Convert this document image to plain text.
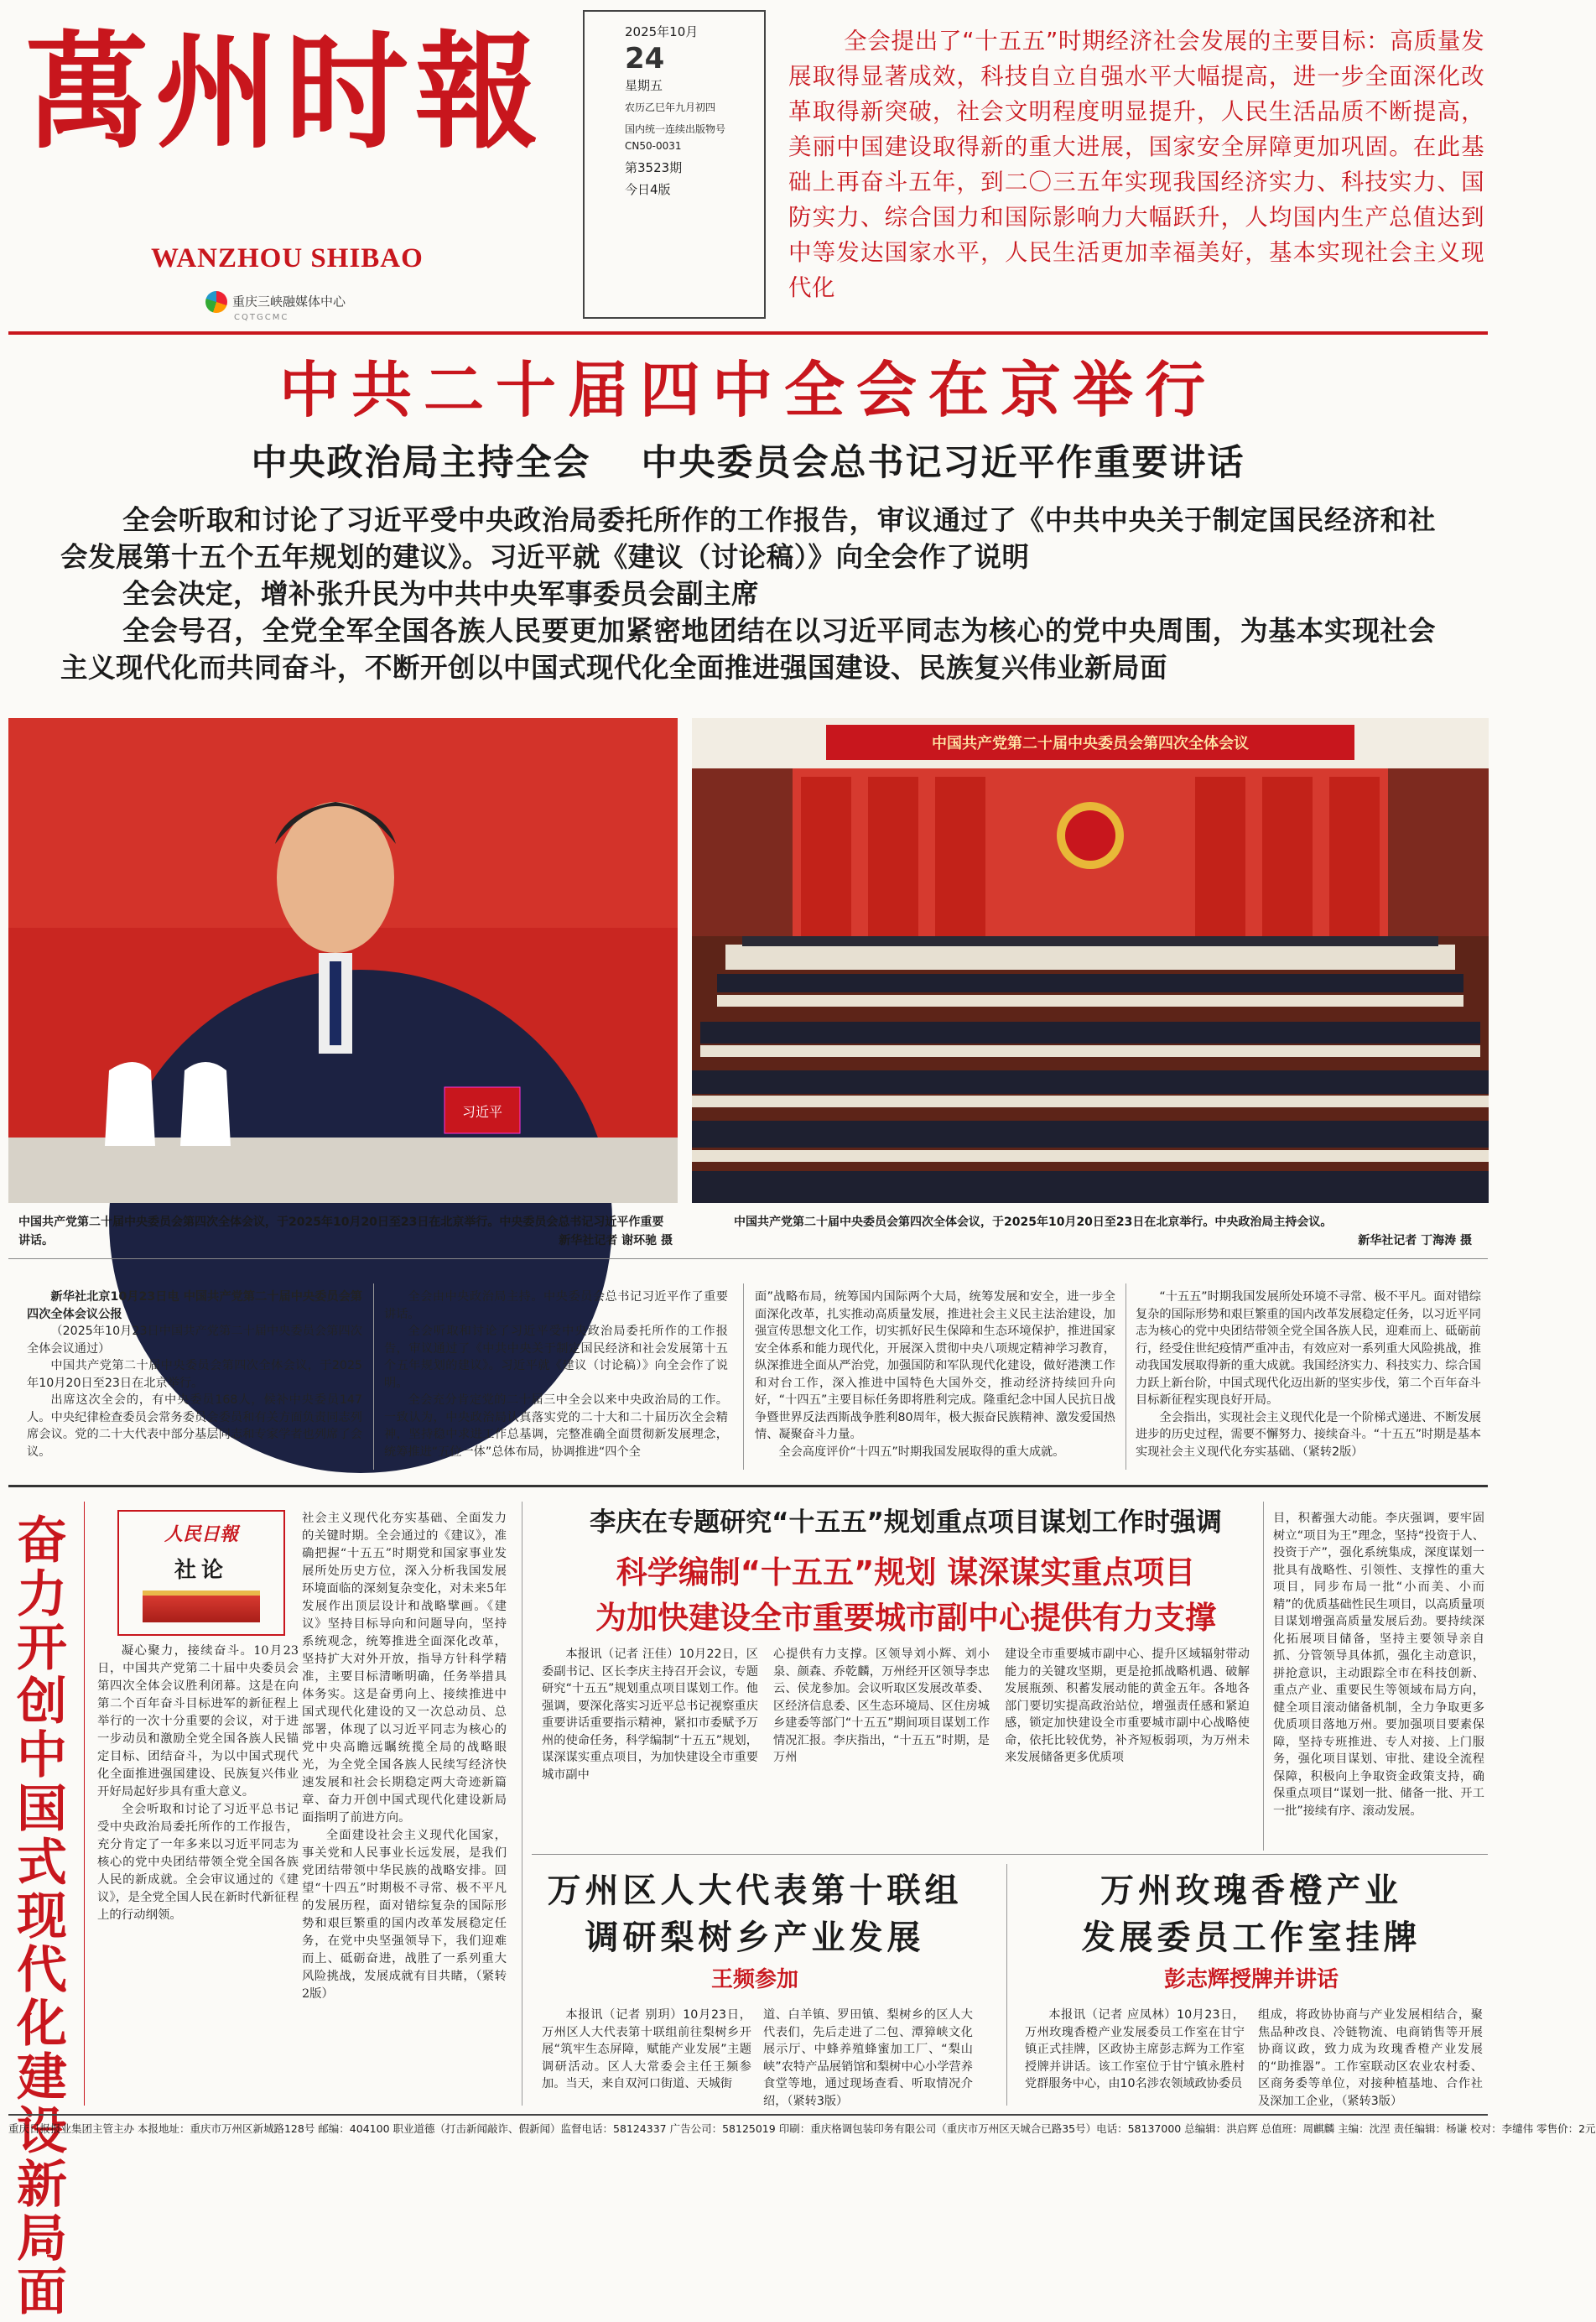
萬州时報
WANZHOU SHIBAO
重庆三峡融媒体中心
CQTGCMC
2025年10月
24
星期五
农历乙巳年九月初四
国内统一连续出版物号
CN50-0031
第3523期
今日4版
全会提出了“十五五”时期经济社会发展的主要目标：高质量发展取得显著成效，科技自立自强水平大幅提高，进一步全面深化改革取得新突破，社会文明程度明显提升，人民生活品质不断提高，美丽中国建设取得新的重大进展，国家安全屏障更加巩固。在此基础上再奋斗五年，到二〇三五年实现我国经济实力、科技实力、国防实力、综合国力和国际影响力大幅跃升，人均国内生产总值达到中等发达国家水平，人民生活更加幸福美好，基本实现社会主义现代化
中共二十届四中全会在京举行
中央政治局主持全会 中央委员会总书记习近平作重要讲话

全会听取和讨论了习近平受中央政治局委托所作的工作报告，审议通过了《中共中央关于制定国民经济和社会发展第十五个五年规划的建议》。习近平就《建议（讨论稿）》向全会作了说明

全会决定，增补张升民为中共中央军事委员会副主席

全会号召，全党全军全国各族人民要更加紧密地团结在以习近平同志为核心的党中央周围，为基本实现社会主义现代化而共同奋斗，不断开创以中国式现代化全面推进强国建设、民族复兴伟业新局面

习近平
中国共产党第二十届中央委员会第四次全体会议
中国共产党第二十届中央委员会第四次全体会议，于2025年10月20日至23日在北京举行。中央委员会总书记习近平作重要讲话。	新华社记者 谢环驰 摄
中国共产党第二十届中央委员会第四次全体会议，于2025年10月20日至23日在北京举行。中央政治局主持会议。

新华社记者 丁海涛 摄

新华社北京10月23日电 中国共产党第二十届中央委员会第四次全体会议公报

（2025年10月23日中国共产党第二十届中央委员会第四次全体会议通过）

中国共产党第二十届中央委员会第四次全体会议，于2025年10月20日至23日在北京举行。

出席这次全会的，有中央委员168人，候补中央委员147人。中央纪律检查委员会常务委员会委员和有关方面负责同志列席会议。党的二十大代表中部分基层同志和专家学者也列席了会议。

全会由中央政治局主持。中央委员会总书记习近平作了重要讲话。

全会听取和讨论了习近平受中央政治局委托所作的工作报告，审议通过了《中共中央关于制定国民经济和社会发展第十五个五年规划的建议》。习近平就《建议（讨论稿）》向全会作了说明。

全会充分肯定党的二十届三中全会以来中央政治局的工作。一致认为，中央政治局认真落实党的二十大和二十届历次全会精神，坚持稳中求进工作总基调，完整准确全面贯彻新发展理念，统筹推进“五位一体”总体布局，协调推进“四个全

面”战略布局，统筹国内国际两个大局，统筹发展和安全，进一步全面深化改革，扎实推动高质量发展，推进社会主义民主法治建设，加强宣传思想文化工作，切实抓好民生保障和生态环境保护，推进国家安全体系和能力现代化，开展深入贯彻中央八项规定精神学习教育，纵深推进全面从严治党，加强国防和军队现代化建设，做好港澳工作和对台工作，深入推进中国特色大国外交，推动经济持续回升向好，“十四五”主要目标任务即将胜利完成。隆重纪念中国人民抗日战争暨世界反法西斯战争胜利80周年，极大振奋民族精神、激发爱国热情、凝聚奋斗力量。

全会高度评价“十四五”时期我国发展取得的重大成就。

“十五五”时期我国发展所处环境不寻常、极不平凡。面对错综复杂的国际形势和艰巨繁重的国内改革发展稳定任务，以习近平同志为核心的党中央团结带领全党全国各族人民，迎难而上、砥砺前行，经受住世纪疫情严重冲击，有效应对一系列重大风险挑战，推动我国发展取得新的重大成就。我国经济实力、科技实力、综合国力跃上新台阶，中国式现代化迈出新的坚实步伐，第二个百年奋斗目标新征程实现良好开局。

全会指出，实现社会主义现代化是一个阶梯式递进、不断发展进步的历史过程，需要不懈努力、接续奋斗。“十五五”时期是基本实现社会主义现代化夯实基础、（紧转2版）

奋力开创中国式现代化建设新局面
人民日報
社论

凝心聚力，接续奋斗。10月23日，中国共产党第二十届中央委员会第四次全体会议胜利闭幕。这是在向第二个百年奋斗目标进军的新征程上举行的一次十分重要的会议，对于进一步动员和激励全党全国各族人民锚定目标、团结奋斗，为以中国式现代化全面推进强国建设、民族复兴伟业开好局起好步具有重大意义。

全会听取和讨论了习近平总书记受中央政治局委托所作的工作报告，充分肯定了一年多来以习近平同志为核心的党中央团结带领全党全国各族人民的新成就。全会审议通过的《建议》，是全党全国人民在新时代新征程上的行动纲领。

社会主义现代化夯实基础、全面发力的关键时期。全会通过的《建议》，准确把握“十五五”时期党和国家事业发展所处历史方位，深入分析我国发展环境面临的深刻复杂变化，对未来5年发展作出顶层设计和战略擘画。《建议》坚持目标导向和问题导向，坚持系统观念，统筹推进全面深化改革，坚持扩大对外开放，指导方针科学精准，主要目标清晰明确，任务举措具体务实。这是奋勇向上、接续推进中国式现代化建设的又一次总动员、总部署，体现了以习近平同志为核心的党中央高瞻远瞩统揽全局的战略眼光，为全党全国各族人民续写经济快速发展和社会长期稳定两大奇迹新篇章、奋力开创中国式现代化建设新局面指明了前进方向。

全面建设社会主义现代化国家，事关党和人民事业长远发展，是我们党团结带领中华民族的战略安排。回望“十四五”时期极不寻常、极不平凡的发展历程，面对错综复杂的国际形势和艰巨繁重的国内改革发展稳定任务，在党中央坚强领导下，我们迎难而上、砥砺奋进，战胜了一系列重大风险挑战，发展成就有目共睹，（紧转2版）

李庆在专题研究“十五五”规划重点项目谋划工作时强调
科学编制“十五五”规划 谋深谋实重点项目
为加快建设全市重要城市副中心提供有力支撑

本报讯（记者 汪佳）10月22日，区委副书记、区长李庆主持召开会议，专题研究“十五五”规划重点项目谋划工作。他强调，要深化落实习近平总书记视察重庆重要讲话重要指示精神，紧扣市委赋予万州的使命任务，科学编制“十五五”规划，谋深谋实重点项目，为加快建设全市重要城市副中

心提供有力支撑。区领导刘小辉、刘小泉、颜森、乔乾麟，万州经开区领导李忠云、侯龙参加。会议听取区发展改革委、区经济信息委、区生态环境局、区住房城乡建委等部门“十五五”期间项目谋划工作情况汇报。李庆指出，“十五五”时期，是万州

建设全市重要城市副中心、提升区域辐射带动能力的关键攻坚期，更是抢抓战略机遇、破解发展瓶颈、积蓄发展动能的黄金五年。各地各部门要切实提高政治站位，增强责任感和紧迫感，锁定加快建设全市重要城市副中心战略使命，依托比较优势，补齐短板弱项，为万州未来发展储备更多优质项

目，积蓄强大动能。李庆强调，要牢固树立“项目为王”理念，坚持“投资于人、投资于产”，强化系统集成，深度谋划一批具有战略性、引领性、支撑性的重大项目，同步布局一批“小而美、小而精”的优质基础性民生项目，以高质量项目谋划增强高质量发展后劲。要持续深化拓展项目储备，坚持主要领导亲自抓、分管领导具体抓，强化主动意识，拼抢意识，主动跟踪全市在科技创新、重点产业、重要民生等领域布局方向，健全项目滚动储备机制，全力争取更多优质项目落地万州。要加强项目要素保障，坚持专班推进、专人对接、上门服务，强化项目谋划、审批、建设全流程保障，积极向上争取资金政策支持，确保重点项目“谋划一批、储备一批、开工一批”接续有序、滚动发展。

万州区人大代表第十联组
调研梨树乡产业发展
王频参加

本报讯（记者 别玥）10月23日，万州区人大代表第十联组前往梨树乡开展“筑牢生态屏障，赋能产业发展”主题调研活动。区人大常委会主任王频参加。当天，来自双河口街道、天城街

道、白羊镇、罗田镇、梨树乡的区人大代表们，先后走进了二包、潭獐峡文化展示厅、中蜂养殖蜂蜜加工厂、“梨山峡”农特产品展销馆和梨树中心小学营养食堂等地，通过现场查看、听取情况介绍，（紧转3版）

万州玫瑰香橙产业
发展委员工作室挂牌
彭志辉授牌并讲话

本报讯（记者 应凤林）10月23日，万州玫瑰香橙产业发展委员工作室在甘宁镇正式挂牌，区政协主席彭志辉为工作室授牌并讲话。该工作室位于甘宁镇永胜村党群服务中心，由10名涉农领域政协委员

组成，将政协协商与产业发展相结合，聚焦品种改良、冷链物流、电商销售等开展协商议政，致力成为玫瑰香橙产业发展的“助推器”。工作室联动区农业农村委、区商务委等单位，对接种植基地、合作社及深加工企业，（紧转3版）

重庆日报报业集团主管主办 本报地址：重庆市万州区新城路128号 邮编：404100 职业道德（打击新闻敲诈、假新闻）监督电话：58124337 广告公司：58125019 印刷：重庆格调包装印务有限公司（重庆市万州区天城合已路35号）电话：58137000 总编辑：洪启辉 总值班：周麒麟 主编：沈涅 责任编辑：杨谦 校对：李缱伟 零售价：2元
